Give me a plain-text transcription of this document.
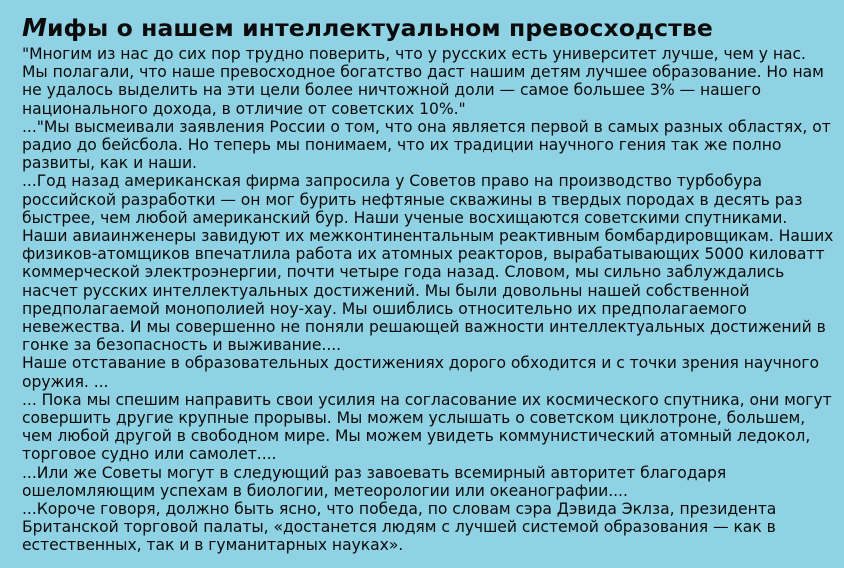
Мифы о нашем интеллектуальном превосходстве

"Многим из нас до сих пор трудно поверить, что у русских есть университет лучше, чем у нас. Мы полагали, что наше превосходное богатство даст нашим детям лучшее образование. Но нам не удалось выделить на эти цели более ничтожной доли — самое большее 3% — нашего национального дохода, в отличие от советских 10%."

..."Мы высмеивали заявления России о том, что она является первой в самых разных областях, от радио до бейсбола. Но теперь мы понимаем, что их традиции научного гения так же полно развиты, как и наши.

...Год назад американская фирма запросила у Советов право на производство турбобура российской разработки — он мог бурить нефтяные скважины в твердых породах в десять раз быстрее, чем любой американский бур. Наши ученые восхищаются советскими спутниками. Наши авиаинженеры завидуют их межконтинентальным реактивным бомбардировщикам. Наших физиков-атомщиков впечатлила работа их атомных реакторов, вырабатывающих 5000 киловатт коммерческой электроэнергии, почти четыре года назад. Словом, мы сильно заблуждались насчет русских интеллектуальных достижений. Мы были довольны нашей собственной предполагаемой монополией ноу-хау. Мы ошиблись относительно их предполагаемого невежества. И мы совершенно не поняли решающей важности интеллектуальных достижений в гонке за безопасность и выживание....

Наше отставание в образовательных достижениях дорого обходится и с точки зрения научного оружия. ...

... Пока мы спешим направить свои усилия на согласование их космического спутника, они могут совершить другие крупные прорывы. Мы можем услышать о советском циклотроне, большем, чем любой другой в свободном мире. Мы можем увидеть коммунистический атомный ледокол, торговое судно или самолет....

...Или же Советы могут в следующий раз завоевать всемирный авторитет благодаря ошеломляющим успехам в биологии, метеорологии или океанографии....

...Короче говоря, должно быть ясно, что победа, по словам сэра Дэвида Эклза, президента Британской торговой палаты, «достанется людям с лучшей системой образования — как в естественных, так и в гуманитарных науках».
